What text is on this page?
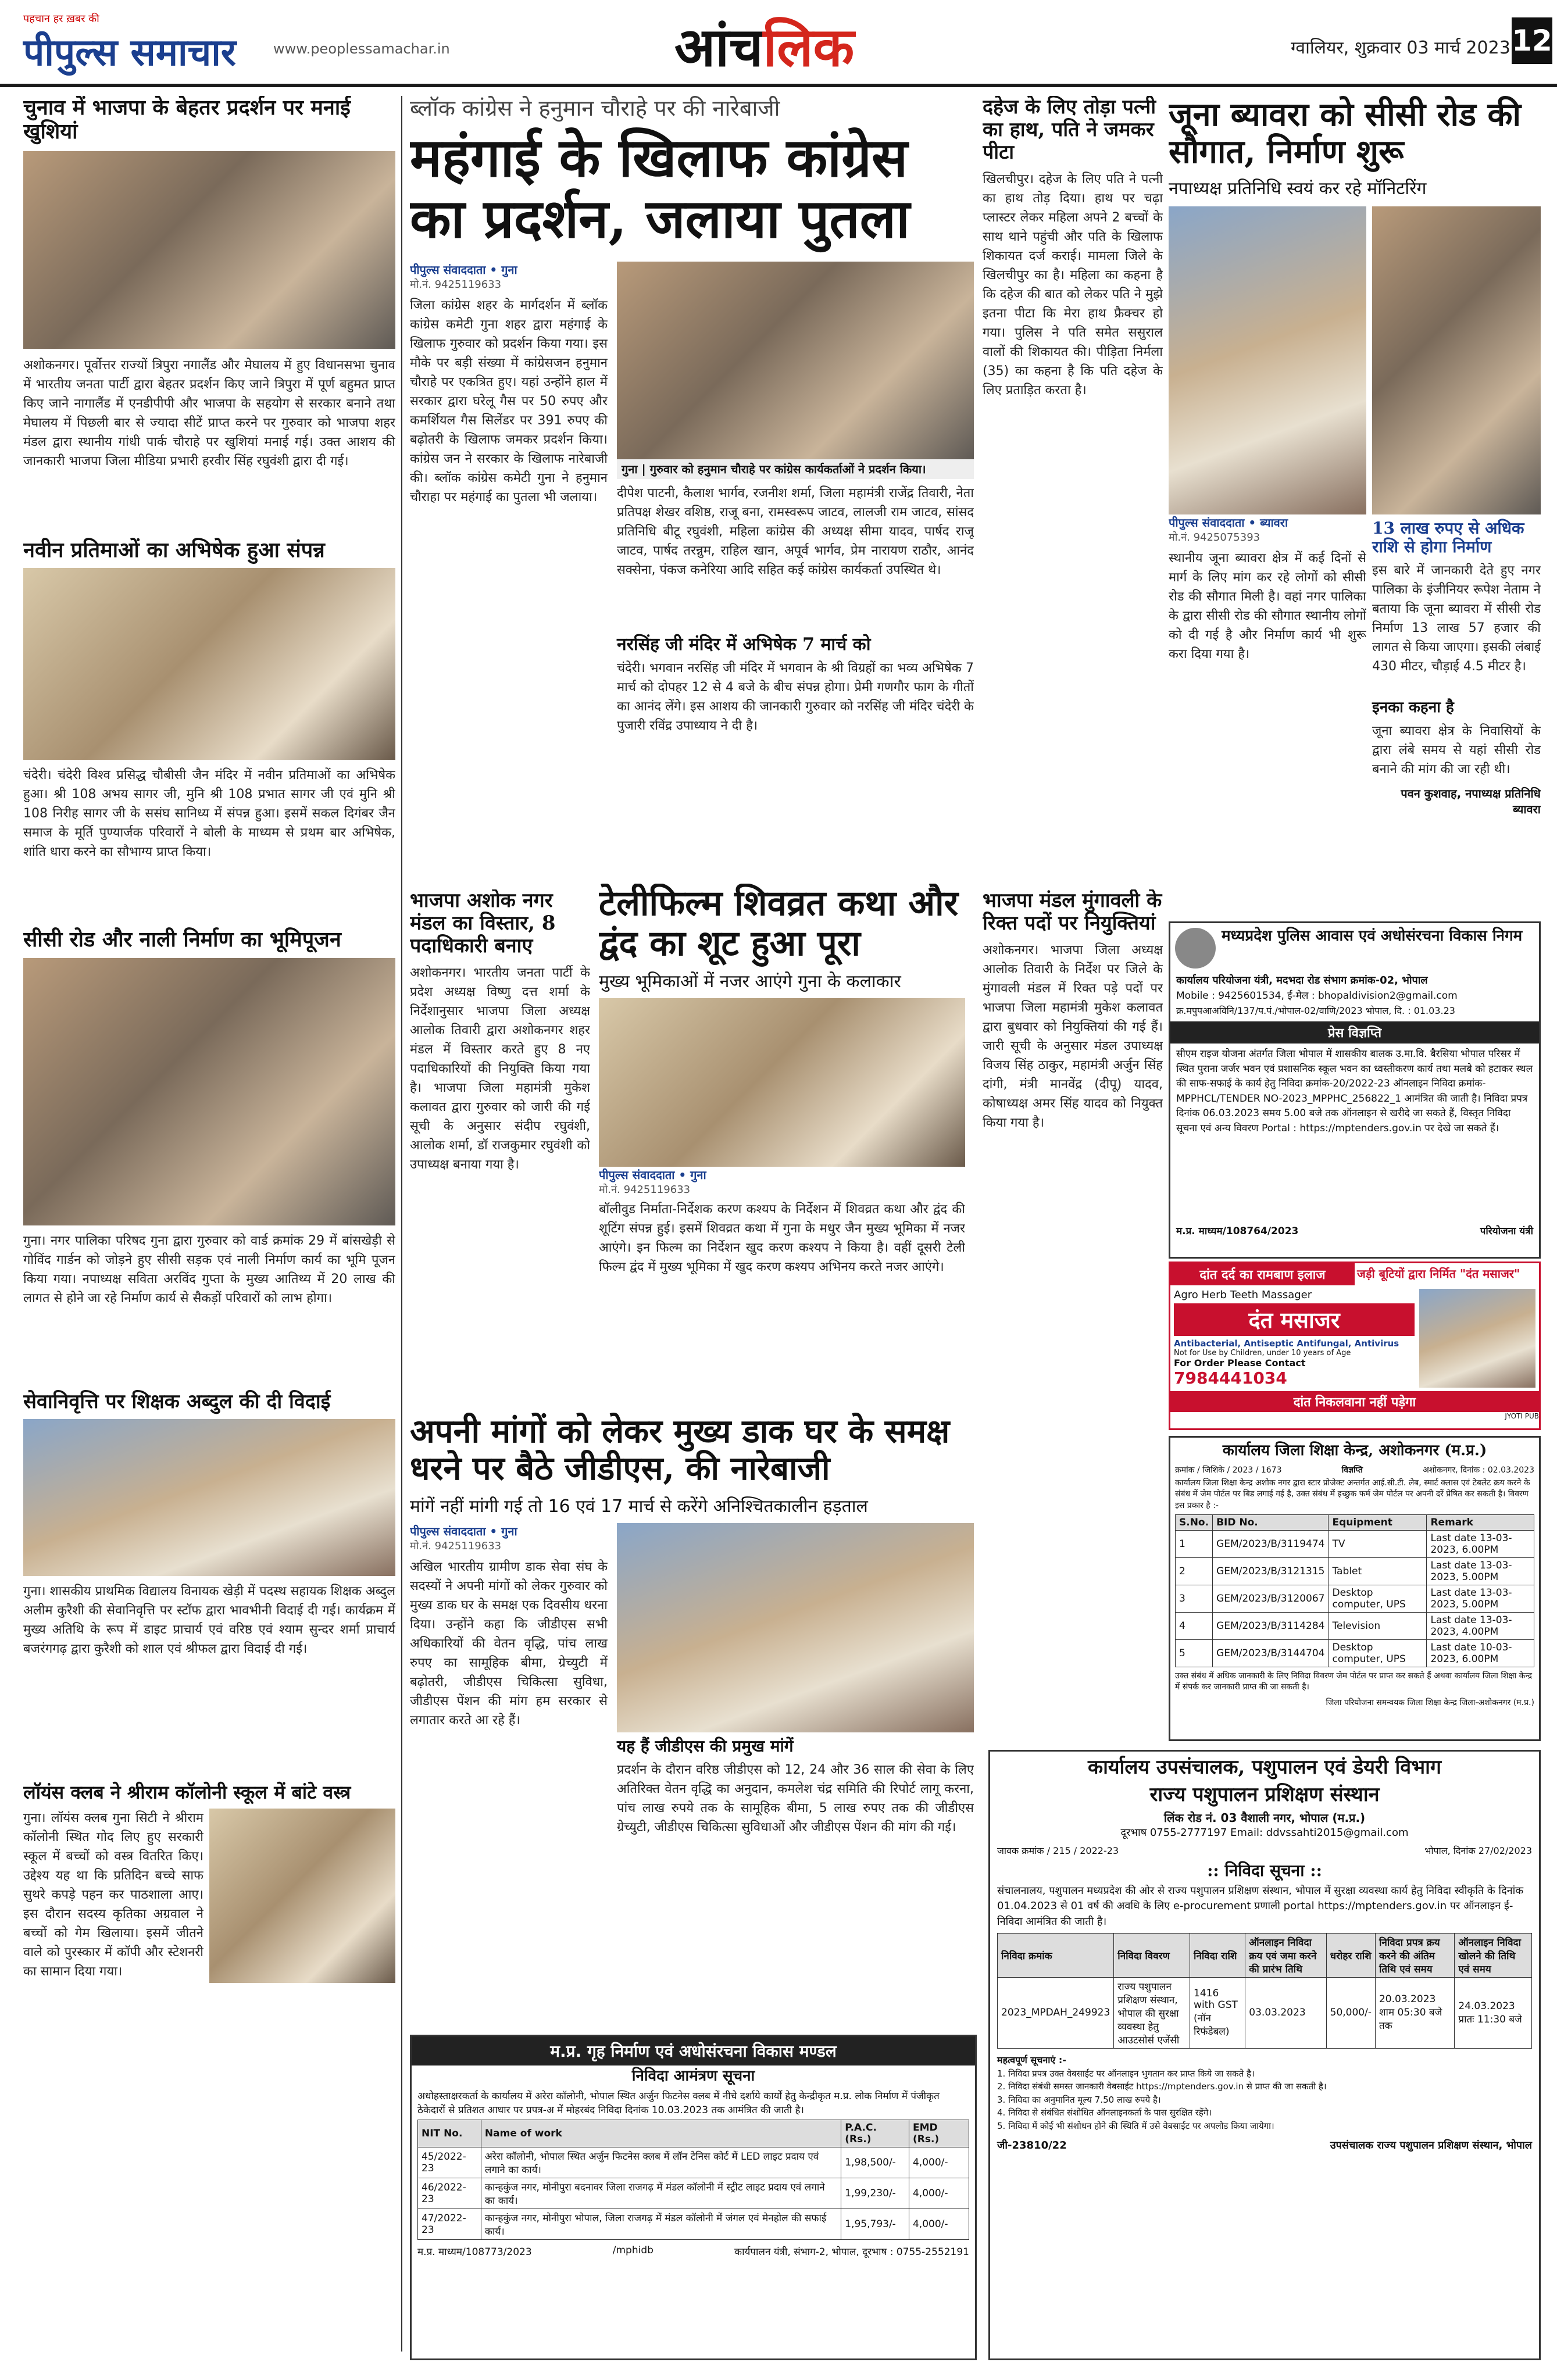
पहचान हर ख़बर की
पीपुल्स समाचार	www.peoplessamachar.in	आंचलिक	ग्वालियर, शुक्रवार 03 मार्च 2023 12
चुनाव में भाजपा के बेहतर प्रदर्शन पर मनाई खुशियां
अशोकनगर। पूर्वोत्तर राज्यों त्रिपुरा नगालैंड और मेघालय में हुए विधानसभा चुनाव में भारतीय जनता पार्टी द्वारा बेहतर प्रदर्शन किए जाने त्रिपुरा में पूर्ण बहुमत प्राप्त किए जाने नागालैंड में एनडीपीपी और भाजपा के सहयोग से सरकार बनाने तथा मेघालय में पिछली बार से ज्यादा सीटें प्राप्त करने पर गुरुवार को भाजपा शहर मंडल द्वारा स्थानीय गांधी पार्क चौराहे पर खुशियां मनाई गई। उक्त आशय की जानकारी भाजपा जिला मीडिया प्रभारी हरवीर सिंह रघुवंशी द्वारा दी गई।
नवीन प्रतिमाओं का अभिषेक हुआ संपन्न
चंदेरी। चंदेरी विश्व प्रसिद्ध चौबीसी जैन मंदिर में नवीन प्रतिमाओं का अभिषेक हुआ। श्री 108 अभय सागर जी, मुनि श्री 108 प्रभात सागर जी एवं मुनि श्री 108 निरीह सागर जी के ससंघ सानिध्य में संपन्न हुआ। इसमें सकल दिगंबर जैन समाज के मूर्ति पुण्यार्जक परिवारों ने बोली के माध्यम से प्रथम बार अभिषेक, शांति धारा करने का सौभाग्य प्राप्त किया।
सीसी रोड और नाली निर्माण का भूमिपूजन
गुना। नगर पालिका परिषद गुना द्वारा गुरुवार को वार्ड क्रमांक 29 में बांसखेड़ी से गोविंद गार्डन को जोड़ने हुए सीसी सड़क एवं नाली निर्माण कार्य का भूमि पूजन किया गया। नपाध्यक्ष सविता अरविंद गुप्ता के मुख्य आतिथ्य में 20 लाख की लागत से होने जा रहे निर्माण कार्य से सैकड़ों परिवारों को लाभ होगा।
सेवानिवृत्ति पर शिक्षक अब्दुल की दी विदाई
गुना। शासकीय प्राथमिक विद्यालय विनायक खेड़ी में पदस्थ सहायक शिक्षक अब्दुल अलीम कुरैशी की सेवानिवृत्ति पर स्टॉफ द्वारा भावभीनी विदाई दी गई। कार्यक्रम में मुख्य अतिथि के रूप में डाइट प्राचार्य एवं वरिष्ठ एवं श्याम सुन्दर शर्मा प्राचार्य बजरंगगढ़ द्वारा कुरैशी को शाल एवं श्रीफल द्वारा विदाई दी गई।
लॉयंस क्लब ने श्रीराम कॉलोनी स्कूल में बांटे वस्त्र
गुना। लॉयंस क्लब गुना सिटी ने श्रीराम कॉलोनी स्थित गोद लिए हुए सरकारी स्कूल में बच्चों को वस्त्र वितरित किए। उद्देश्य यह था कि प्रतिदिन बच्चे साफ सुथरे कपड़े पहन कर पाठशाला आए। इस दौरान सदस्य कृतिका अग्रवाल ने बच्चों को गेम खिलाया। इसमें जीतने वाले को पुरस्कार में कॉपी और स्टेशनरी का सामान दिया गया।
ब्लॉक कांग्रेस ने हनुमान चौराहे पर की नारेबाजी
महंगाई के खिलाफ कांग्रेस का प्रदर्शन, जलाया पुतला
पीपुल्स संवाददाता • गुना
मो.नं. 9425119633
जिला कांग्रेस शहर के मार्गदर्शन में ब्लॉक कांग्रेस कमेटी गुना शहर द्वारा महंगाई के खिलाफ गुरुवार को प्रदर्शन किया गया। इस मौके पर बड़ी संख्या में कांग्रेसजन हनुमान चौराहे पर एकत्रित हुए। यहां उन्होंने हाल में सरकार द्वारा घरेलू गैस पर 50 रुपए और कमर्शियल गैस सिलेंडर पर 391 रुपए की बढ़ोतरी के खिलाफ जमकर प्रदर्शन किया। कांग्रेस जन ने सरकार के खिलाफ नारेबाजी की। ब्लॉक कांग्रेस कमेटी गुना ने हनुमान चौराहा पर महंगाई का पुतला भी जलाया।
गुना | गुरुवार को हनुमान चौराहे पर कांग्रेस कार्यकर्ताओं ने प्रदर्शन किया।
दीपेश पाटनी, कैलाश भार्गव, रजनीश शर्मा, जिला महामंत्री राजेंद्र तिवारी, नेता प्रतिपक्ष शेखर वशिष्ठ, राजू बना, रामस्वरूप जाटव, लालजी राम जाटव, सांसद प्रतिनिधि बीटू रघुवंशी, महिला कांग्रेस की अध्यक्ष सीमा यादव, पार्षद राजू जाटव, पार्षद तरन्नुम, राहिल खान, अपूर्व भार्गव, प्रेम नारायण राठौर, आनंद सक्सेना, पंकज कनेरिया आदि सहित कई कांग्रेस कार्यकर्ता उपस्थित थे।
नरसिंह जी मंदिर में अभिषेक 7 मार्च को
चंदेरी। भगवान नरसिंह जी मंदिर में भगवान के श्री विग्रहों का भव्य अभिषेक 7 मार्च को दोपहर 12 से 4 बजे के बीच संपन्न होगा। प्रेमी गणगौर फाग के गीतों का आनंद लेंगे। इस आशय की जानकारी गुरुवार को नरसिंह जी मंदिर चंदेरी के पुजारी रविंद्र उपाध्याय ने दी है।
दहेज के लिए तोड़ा पत्नी का हाथ, पति ने जमकर पीटा
खिलचीपुर। दहेज के लिए पति ने पत्नी का हाथ तोड़ दिया। हाथ पर चढ़ा प्लास्टर लेकर महिला अपने 2 बच्चों के साथ थाने पहुंची और पति के खिलाफ शिकायत दर्ज कराई। मामला जिले के खिलचीपुर का है। महिला का कहना है कि दहेज की बात को लेकर पति ने मुझे इतना पीटा कि मेरा हाथ फ्रैक्चर हो गया। पुलिस ने पति समेत ससुराल वालों की शिकायत की। पीड़िता निर्मला (35) का कहना है कि पति दहेज के लिए प्रताड़ित करता है।
जूना ब्यावरा को सीसी रोड की सौगात, निर्माण शुरू
नपाध्यक्ष प्रतिनिधि स्वयं कर रहे मॉनिटरिंग
पीपुल्स संवाददाता • ब्यावरा
मो.नं. 9425075393
स्थानीय जूना ब्यावरा क्षेत्र में कई दिनों से मार्ग के लिए मांग कर रहे लोगों को सीसी रोड की सौगात मिली है। वहां नगर पालिका के द्वारा सीसी रोड की सौगात स्थानीय लोगों को दी गई है और निर्माण कार्य भी शुरू करा दिया गया है।
13 लाख रुपए से अधिक राशि से होगा निर्माण
इस बारे में जानकारी देते हुए नगर पालिका के इंजीनियर रूपेश नेताम ने बताया कि जूना ब्यावरा में सीसी रोड निर्माण 13 लाख 57 हजार की लागत से किया जाएगा। इसकी लंबाई 430 मीटर, चौड़ाई 4.5 मीटर है।
इनका कहना है
जूना ब्यावरा क्षेत्र के निवासियों के द्वारा लंबे समय से यहां सीसी रोड बनाने की मांग की जा रही थी।
पवन कुशवाह, नपाध्यक्ष प्रतिनिधि ब्यावरा
भाजपा अशोक नगर मंडल का विस्तार, 8 पदाधिकारी बनाए
अशोकनगर। भारतीय जनता पार्टी के प्रदेश अध्यक्ष विष्णु दत्त शर्मा के निर्देशानुसार भाजपा जिला अध्यक्ष आलोक तिवारी द्वारा अशोकनगर शहर मंडल में विस्तार करते हुए 8 नए पदाधिकारियों की नियुक्ति किया गया है। भाजपा जिला महामंत्री मुकेश कलावत द्वारा गुरुवार को जारी की गई सूची के अनुसार संदीप रघुवंशी, आलोक शर्मा, डॉ राजकुमार रघुवंशी को उपाध्यक्ष बनाया गया है।
टेलीफिल्म शिवव्रत कथा और द्वंद का शूट हुआ पूरा
मुख्य भूमिकाओं में नजर आएंगे गुना के कलाकार
पीपुल्स संवाददाता • गुना
मो.नं. 9425119633
बॉलीवुड निर्माता-निर्देशक करण कश्यप के निर्देशन में शिवव्रत कथा और द्वंद की शूटिंग संपन्न हुई। इसमें शिवव्रत कथा में गुना के मधुर जैन मुख्य भूमिका में नजर आएंगे। इन फिल्म का निर्देशन खुद करण कश्यप ने किया है। वहीं दूसरी टेली फिल्म द्वंद में मुख्य भूमिका में खुद करण कश्यप अभिनय करते नजर आएंगे।
भाजपा मंडल मुंगावली के रिक्त पदों पर नियुक्तियां
अशोकनगर। भाजपा जिला अध्यक्ष आलोक तिवारी के निर्देश पर जिले के मुंगावली मंडल में रिक्त पड़े पदों पर भाजपा जिला महामंत्री मुकेश कलावत द्वारा बुधवार को नियुक्तियां की गई हैं। जारी सूची के अनुसार मंडल उपाध्यक्ष विजय सिंह ठाकुर, महामंत्री अर्जुन सिंह दांगी, मंत्री मानवेंद्र (दीपू) यादव, कोषाध्यक्ष अमर सिंह यादव को नियुक्त किया गया है।
अपनी मांगों को लेकर मुख्य डाक घर के समक्ष धरने पर बैठे जीडीएस, की नारेबाजी
मांगें नहीं मांगी गई तो 16 एवं 17 मार्च से करेंगे अनिश्चितकालीन हड़ताल
पीपुल्स संवाददाता • गुना
मो.नं. 9425119633
अखिल भारतीय ग्रामीण डाक सेवा संघ के सदस्यों ने अपनी मांगों को लेकर गुरुवार को मुख्य डाक घर के समक्ष एक दिवसीय धरना दिया। उन्होंने कहा कि जीडीएस सभी अधिकारियों की वेतन वृद्धि, पांच लाख रुपए का सामूहिक बीमा, ग्रेच्युटी में बढ़ोतरी, जीडीएस चिकित्सा सुविधा, जीडीएस पेंशन की मांग हम सरकार से लगातार करते आ रहे हैं।
यह हैं जीडीएस की प्रमुख मांगें
प्रदर्शन के दौरान वरिष्ठ जीडीएस को 12, 24 और 36 साल की सेवा के लिए अतिरिक्त वेतन वृद्धि का अनुदान, कमलेश चंद्र समिति की रिपोर्ट लागू करना, पांच लाख रुपये तक के सामूहिक बीमा, 5 लाख रुपए तक की जीडीएस ग्रेच्युटी, जीडीएस चिकित्सा सुविधाओं और जीडीएस पेंशन की मांग की गई।
म.प्र. गृह निर्माण एवं अधोसंरचना विकास मण्डल
निविदा आमंत्रण सूचना
अधोहस्ताक्षरकर्ता के कार्यालय में अरेरा कॉलोनी, भोपाल स्थित अर्जुन फिटनेस क्लब में नीचे दर्शाये कार्यों हेतु केन्द्रीकृत म.प्र. लोक निर्माण में पंजीकृत ठेकेदारों से प्रतिशत आधार पर प्रपत्र-अ में मोहरबंद निविदा दिनांक 10.03.2023 तक आमंत्रित की जाती है।
NIT No.	Name of work	P.A.C. (Rs.)	EMD (Rs.)
45/2022-23	अरेरा कॉलोनी, भोपाल स्थित अर्जुन फिटनेस क्लब में लॉन टेनिस कोर्ट में LED लाइट प्रदाय एवं लगाने का कार्य।	1,98,500/-	4,000/-
46/2022-23	कान्हकुंज नगर, मोनीपुरा बदनावर जिला राजगढ़ में मंडल कॉलोनी में स्ट्रीट लाइट प्रदाय एवं लगाने का कार्य।	1,99,230/-	4,000/-
47/2022-23	कान्हकुंज नगर, मोनीपुरा भोपाल, जिला राजगढ़ में मंडल कॉलोनी में जंगल एवं मेनहोल की सफाई कार्य।	1,95,793/-	4,000/-
म.प्र. माध्यम/108773/2023	/mphidb	कार्यपालन यंत्री, संभाग-2, भोपाल, दूरभाष : 0755-2552191
मध्यप्रदेश पुलिस आवास एवं अधोसंरचना विकास निगम
कार्यालय परियोजना यंत्री, मदभदा रोड संभाग क्रमांक-02, भोपाल
Mobile : 9425601534, ई-मेल : bhopaldivision2@gmail.com
क्र.मपुपआअविनि/137/प.पं./भोपाल-02/वाणि/2023 भोपाल, दि. : 01.03.23
प्रेस विज्ञप्ति
सीएम राइज योजना अंतर्गत जिला भोपाल में शासकीय बालक उ.मा.वि. बैरसिया भोपाल परिसर में स्थित पुराना जर्जर भवन एवं प्रशासनिक स्कूल भवन का ध्वस्तीकरण कार्य तथा मलबे को हटाकर स्थल की साफ-सफाई के कार्य हेतु निविदा क्रमांक-20/2022-23 ऑनलाइन निविदा क्रमांक-MPPHCL/TENDER NO-2023_MPPHC_256822_1 आमंत्रित की जाती है। निविदा प्रपत्र दिनांक 06.03.2023 समय 5.00 बजे तक ऑनलाइन से खरीदे जा सकते हैं, विस्तृत निविदा सूचना एवं अन्य विवरण Portal : https://mptenders.gov.in पर देखे जा सकते हैं।
म.प्र. माध्यम/108764/2023	परियोजना यंत्री
दांत दर्द का रामबाण इलाज	जड़ी बूटियों द्वारा निर्मित "दंत मसाजर"
Agro Herb Teeth Massager
दंत मसाजर
Antibacterial, Antiseptic Antifungal, Antivirus
Not for Use by Children, under 10 years of Age
For Order Please Contact
7984441034
दांत निकलवाना नहीं पड़ेगा
JYOTI PUB
कार्यालय जिला शिक्षा केन्द्र, अशोकनगर (म.प्र.)
क्रमांक / जिशिके / 2023 / 1673	विज्ञप्ति	अशोकनगर, दिनांक : 02.03.2023
कार्यालय जिला शिक्षा केन्द्र अशोक नगर द्वारा स्टार प्रोजेक्ट अन्तर्गत आई.सी.टी. लेब, स्मार्ट क्लास एवं टेबलेट क्रय करने के संबंध में जेम पोर्टल पर बिड लगाई गई है, उक्त संबंध में इच्छुक फर्म जेम पोर्टल पर अपनी दरें प्रेषित कर सकती है। विवरण इस प्रकार है :-
S.No.	BID No.	Equipment	Remark
1	GEM/2023/B/3119474	TV	Last date 13-03-2023, 6.00PM
2	GEM/2023/B/3121315	Tablet	Last date 13-03-2023, 5.00PM
3	GEM/2023/B/3120067	Desktop computer, UPS	Last date 13-03-2023, 5.00PM
4	GEM/2023/B/3114284	Television	Last date 13-03-2023, 4.00PM
5	GEM/2023/B/3144704	Desktop computer, UPS	Last date 10-03-2023, 6.00PM
उक्त संबंध में अधिक जानकारी के लिए निविदा विवरण जेम पोर्टल पर प्राप्त कर सकते हैं अथवा कार्यालय जिला शिक्षा केन्द्र में संपर्क कर जानकारी प्राप्त की जा सकती है।
जिला परियोजना समन्वयक जिला शिक्षा केन्द्र जिला-अशोकनगर (म.प्र.)
कार्यालय उपसंचालक, पशुपालन एवं डेयरी विभाग
राज्य पशुपालन प्रशिक्षण संस्थान
लिंक रोड नं. 03 वैशाली नगर, भोपाल (म.प्र.)
दूरभाष 0755-2777197 Email: ddvssahti2015@gmail.com
जावक क्रमांक / 215 / 2022-23	भोपाल, दिनांक 27/02/2023
:: निविदा सूचना ::
संचालनालय, पशुपालन मध्यप्रदेश की ओर से राज्य पशुपालन प्रशिक्षण संस्थान, भोपाल में सुरक्षा व्यवस्था कार्य हेतु निविदा स्वीकृति के दिनांक 01.04.2023 से 01 वर्ष की अवधि के लिए e-procurement प्रणाली portal https://mptenders.gov.in पर ऑनलाइन ई-निविदा आमंत्रित की जाती है।
निविदा क्रमांक	निविदा विवरण	निविदा राशि	ऑनलाइन निविदा क्रय एवं जमा करने की प्रारंभ तिथि	धरोहर राशि	निविदा प्रपत्र क्रय करने की अंतिम तिथि एवं समय	ऑनलाइन निविदा खोलने की तिथि एवं समय
2023_MPDAH_249923	राज्य पशुपालन प्रशिक्षण संस्थान, भोपाल की सुरक्षा व्यवस्था हेतु आउटसोर्स एजेंसी	1416 with GST (नॉन रिफंडेबल)	03.03.2023	50,000/-	20.03.2023 शाम 05:30 बजे तक	24.03.2023 प्रातः 11:30 बजे
महत्वपूर्ण सूचनाएं :-
1. निविदा प्रपत्र उक्त वेबसाईट पर ऑनलाइन भुगतान कर प्राप्त किये जा सकते है।
2. निविदा संबंधी समस्त जानकारी वेबसाईट https://mptenders.gov.in से प्राप्त की जा सकती है।
3. निविदा का अनुमानित मूल्य 7.50 लाख रुपये है।
4. निविदा से संबंधित संशोधित ऑनलाइनकर्ता के पास सुरक्षित रहेंगे।
5. निविदा में कोई भी संशोधन होने की स्थिति में उसे वेबसाईट पर अपलोड किया जायेगा।
जी-23810/22	उपसंचालक राज्य पशुपालन प्रशिक्षण संस्थान, भोपाल
